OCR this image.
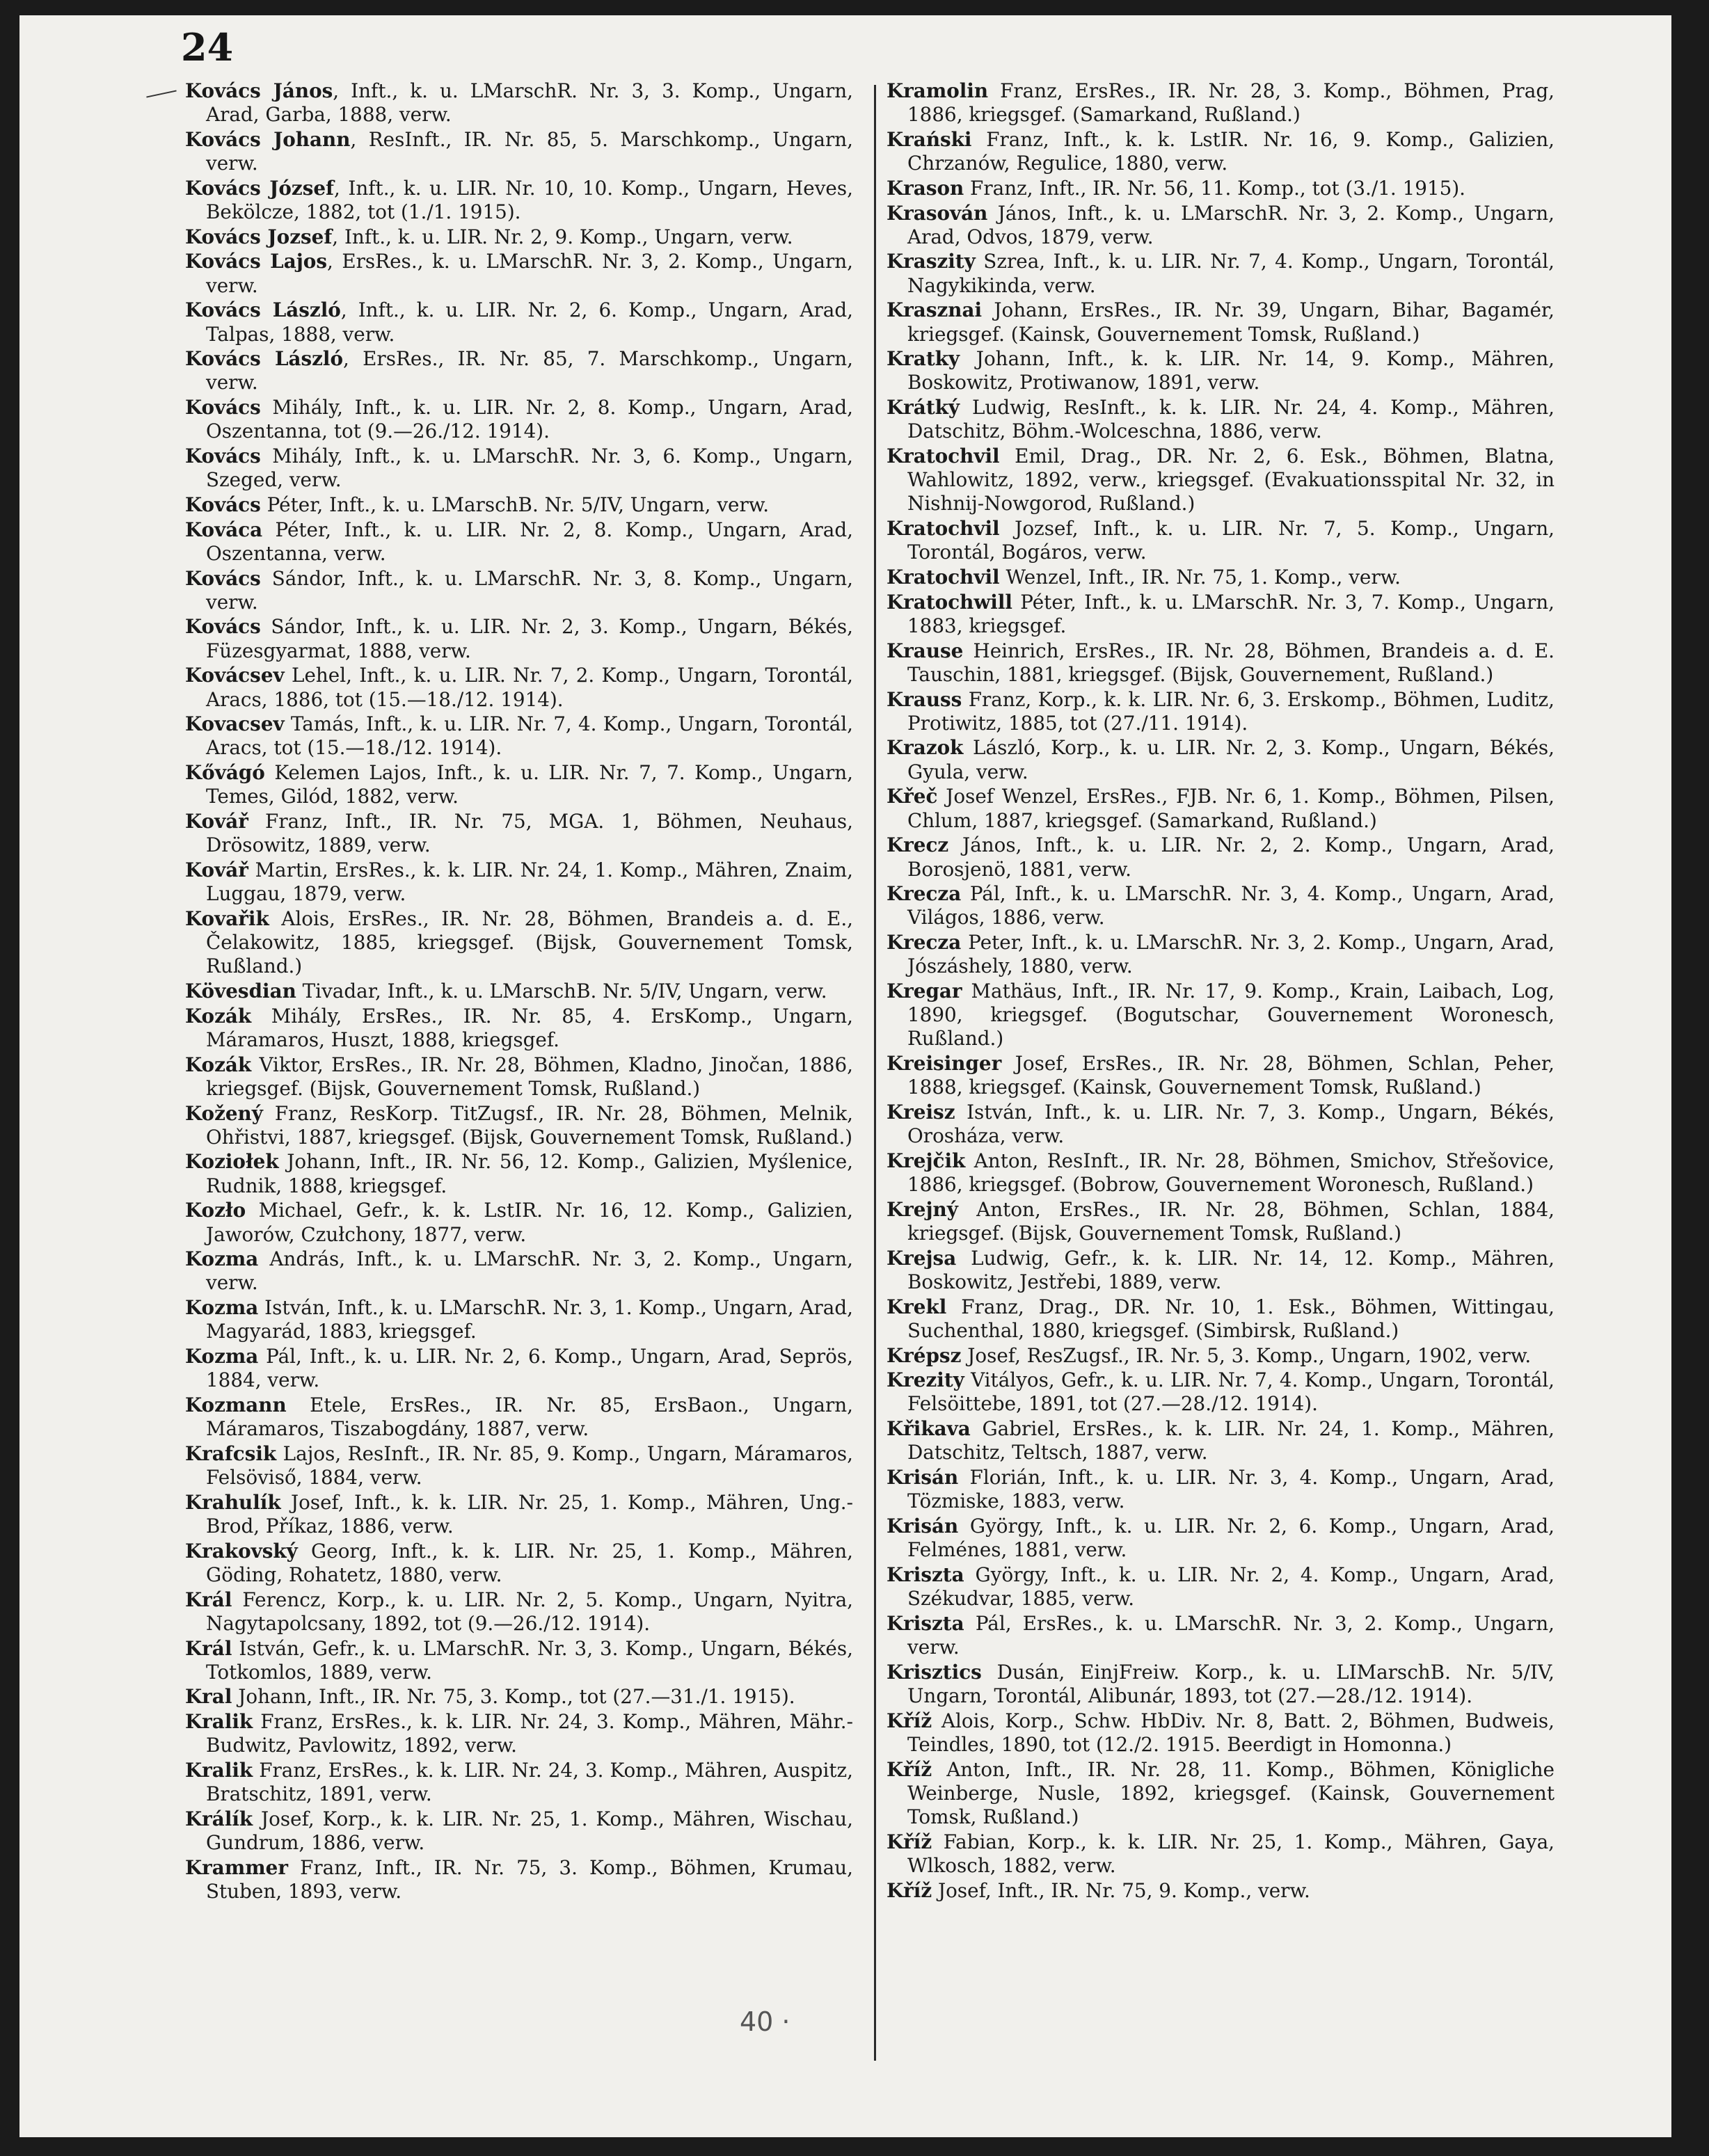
24

Kovács János, Inft., k. u. LMarschR. Nr. 3, 3. Komp., Ungarn, Arad, Garba, 1888, verw.

Kovács Johann, ResInft., IR. Nr. 85, 5. Marschkomp., Ungarn, verw.

Kovács József, Inft., k. u. LIR. Nr. 10, 10. Komp., Ungarn, Heves, Bekölcze, 1882, tot (1./1. 1915).

Kovács Jozsef, Inft., k. u. LIR. Nr. 2, 9. Komp., Ungarn, verw.

Kovács Lajos, ErsRes., k. u. LMarschR. Nr. 3, 2. Komp., Ungarn, verw.

Kovács László, Inft., k. u. LIR. Nr. 2, 6. Komp., Ungarn, Arad, Talpas, 1888, verw.

Kovács László, ErsRes., IR. Nr. 85, 7. Marschkomp., Ungarn, verw.

Kovács Mihály, Inft., k. u. LIR. Nr. 2, 8. Komp., Ungarn, Arad, Oszentanna, tot (9.—26./12. 1914).

Kovács Mihály, Inft., k. u. LMarschR. Nr. 3, 6. Komp., Ungarn, Szeged, verw.

Kovács Péter, Inft., k. u. LMarschB. Nr. 5/IV, Ungarn, verw.

Kováca Péter, Inft., k. u. LIR. Nr. 2, 8. Komp., Ungarn, Arad, Oszentanna, verw.

Kovács Sándor, Inft., k. u. LMarschR. Nr. 3, 8. Komp., Ungarn, verw.

Kovács Sándor, Inft., k. u. LIR. Nr. 2, 3. Komp., Ungarn, Békés, Füzesgyarmat, 1888, verw.

Kovácsev Lehel, Inft., k. u. LIR. Nr. 7, 2. Komp., Ungarn, Torontál, Aracs, 1886, tot (15.—18./12. 1914).

Kovacsev Tamás, Inft., k. u. LIR. Nr. 7, 4. Komp., Ungarn, Torontál, Aracs, tot (15.—18./12. 1914).

Kővágó Kelemen Lajos, Inft., k. u. LIR. Nr. 7, 7. Komp., Ungarn, Temes, Gilód, 1882, verw.

Kovář Franz, Inft., IR. Nr. 75, MGA. 1, Böhmen, Neuhaus, Drösowitz, 1889, verw.

Kovář Martin, ErsRes., k. k. LIR. Nr. 24, 1. Komp., Mähren, Znaim, Luggau, 1879, verw.

Kovařik Alois, ErsRes., IR. Nr. 28, Böhmen, Brandeis a. d. E., Čelakowitz, 1885, kriegsgef. (Bijsk, Gouvernement Tomsk, Rußland.)

Kövesdian Tivadar, Inft., k. u. LMarschB. Nr. 5/IV, Ungarn, verw.

Kozák Mihály, ErsRes., IR. Nr. 85, 4. ErsKomp., Ungarn, Máramaros, Huszt, 1888, kriegsgef.

Kozák Viktor, ErsRes., IR. Nr. 28, Böhmen, Kladno, Jinočan, 1886, kriegsgef. (Bijsk, Gouvernement Tomsk, Rußland.)

Kožený Franz, ResKorp. TitZugsf., IR. Nr. 28, Böhmen, Melnik, Ohřistvi, 1887, kriegsgef. (Bijsk, Gouvernement Tomsk, Rußland.)

Koziołek Johann, Inft., IR. Nr. 56, 12. Komp., Galizien, Myślenice, Rudnik, 1888, kriegsgef.

Kozło Michael, Gefr., k. k. LstIR. Nr. 16, 12. Komp., Galizien, Jaworów, Czułchony, 1877, verw.

Kozma András, Inft., k. u. LMarschR. Nr. 3, 2. Komp., Ungarn, verw.

Kozma István, Inft., k. u. LMarschR. Nr. 3, 1. Komp., Ungarn, Arad, Magyarád, 1883, kriegsgef.

Kozma Pál, Inft., k. u. LIR. Nr. 2, 6. Komp., Ungarn, Arad, Seprös, 1884, verw.

Kozmann Etele, ErsRes., IR. Nr. 85, ErsBaon., Ungarn, Máramaros, Tiszabogdány, 1887, verw.

Krafcsik Lajos, ResInft., IR. Nr. 85, 9. Komp., Ungarn, Máramaros, Felsöviső, 1884, verw.

Krahulík Josef, Inft., k. k. LIR. Nr. 25, 1. Komp., Mähren, Ung.-Brod, Příkaz, 1886, verw.

Krakovský Georg, Inft., k. k. LIR. Nr. 25, 1. Komp., Mähren, Göding, Rohatetz, 1880, verw.

Král Ferencz, Korp., k. u. LIR. Nr. 2, 5. Komp., Ungarn, Nyitra, Nagytapolcsany, 1892, tot (9.—26./12. 1914).

Král István, Gefr., k. u. LMarschR. Nr. 3, 3. Komp., Ungarn, Békés, Totkomlos, 1889, verw.

Kral Johann, Inft., IR. Nr. 75, 3. Komp., tot (27.—31./1. 1915).

Kralik Franz, ErsRes., k. k. LIR. Nr. 24, 3. Komp., Mähren, Mähr.-Budwitz, Pavlowitz, 1892, verw.

Kralik Franz, ErsRes., k. k. LIR. Nr. 24, 3. Komp., Mähren, Auspitz, Bratschitz, 1891, verw.

Králík Josef, Korp., k. k. LIR. Nr. 25, 1. Komp., Mähren, Wischau, Gundrum, 1886, verw.

Krammer Franz, Inft., IR. Nr. 75, 3. Komp., Böhmen, Krumau, Stuben, 1893, verw.

Kramolin Franz, ErsRes., IR. Nr. 28, 3. Komp., Böhmen, Prag, 1886, kriegsgef. (Samarkand, Rußland.)

Krański Franz, Inft., k. k. LstIR. Nr. 16, 9. Komp., Galizien, Chrzanów, Regulice, 1880, verw.

Krason Franz, Inft., IR. Nr. 56, 11. Komp., tot (3./1. 1915).

Krasován János, Inft., k. u. LMarschR. Nr. 3, 2. Komp., Ungarn, Arad, Odvos, 1879, verw.

Kraszity Szrea, Inft., k. u. LIR. Nr. 7, 4. Komp., Ungarn, Torontál, Nagykikinda, verw.

Krasznai Johann, ErsRes., IR. Nr. 39, Ungarn, Bihar, Bagamér, kriegsgef. (Kainsk, Gouvernement Tomsk, Rußland.)

Kratky Johann, Inft., k. k. LIR. Nr. 14, 9. Komp., Mähren, Boskowitz, Protiwanow, 1891, verw.

Krátký Ludwig, ResInft., k. k. LIR. Nr. 24, 4. Komp., Mähren, Datschitz, Böhm.-Wolceschna, 1886, verw.

Kratochvil Emil, Drag., DR. Nr. 2, 6. Esk., Böhmen, Blatna, Wahlowitz, 1892, verw., kriegsgef. (Evakuationsspital Nr. 32, in Nishnij-Nowgorod, Rußland.)

Kratochvil Jozsef, Inft., k. u. LIR. Nr. 7, 5. Komp., Ungarn, Torontál, Bogáros, verw.

Kratochvil Wenzel, Inft., IR. Nr. 75, 1. Komp., verw.

Kratochwill Péter, Inft., k. u. LMarschR. Nr. 3, 7. Komp., Ungarn, 1883, kriegsgef.

Krause Heinrich, ErsRes., IR. Nr. 28, Böhmen, Brandeis a. d. E. Tauschin, 1881, kriegsgef. (Bijsk, Gouvernement, Rußland.)

Krauss Franz, Korp., k. k. LIR. Nr. 6, 3. Erskomp., Böhmen, Luditz, Protiwitz, 1885, tot (27./11. 1914).

Krazok László, Korp., k. u. LIR. Nr. 2, 3. Komp., Ungarn, Békés, Gyula, verw.

Křeč Josef Wenzel, ErsRes., FJB. Nr. 6, 1. Komp., Böhmen, Pilsen, Chlum, 1887, kriegsgef. (Samarkand, Rußland.)

Krecz János, Inft., k. u. LIR. Nr. 2, 2. Komp., Ungarn, Arad, Borosjenö, 1881, verw.

Krecza Pál, Inft., k. u. LMarschR. Nr. 3, 4. Komp., Ungarn, Arad, Világos, 1886, verw.

Krecza Peter, Inft., k. u. LMarschR. Nr. 3, 2. Komp., Ungarn, Arad, Jószáshely, 1880, verw.

Kregar Mathäus, Inft., IR. Nr. 17, 9. Komp., Krain, Laibach, Log, 1890, kriegsgef. (Bogutschar, Gouvernement Woronesch, Rußland.)

Kreisinger Josef, ErsRes., IR. Nr. 28, Böhmen, Schlan, Peher, 1888, kriegsgef. (Kainsk, Gouvernement Tomsk, Rußland.)

Kreisz István, Inft., k. u. LIR. Nr. 7, 3. Komp., Ungarn, Békés, Orosháza, verw.

Krejčik Anton, ResInft., IR. Nr. 28, Böhmen, Smichov, Střešovice, 1886, kriegsgef. (Bobrow, Gouvernement Woronesch, Rußland.)

Krejný Anton, ErsRes., IR. Nr. 28, Böhmen, Schlan, 1884, kriegsgef. (Bijsk, Gouvernement Tomsk, Rußland.)

Krejsa Ludwig, Gefr., k. k. LIR. Nr. 14, 12. Komp., Mähren, Boskowitz, Jestřebi, 1889, verw.

Krekl Franz, Drag., DR. Nr. 10, 1. Esk., Böhmen, Wittingau, Suchenthal, 1880, kriegsgef. (Simbirsk, Rußland.)

Krépsz Josef, ResZugsf., IR. Nr. 5, 3. Komp., Ungarn, 1902, verw.

Krezity Vitályos, Gefr., k. u. LIR. Nr. 7, 4. Komp., Ungarn, Torontál, Felsöittebe, 1891, tot (27.—28./12. 1914).

Křikava Gabriel, ErsRes., k. k. LIR. Nr. 24, 1. Komp., Mähren, Datschitz, Teltsch, 1887, verw.

Krisán Florián, Inft., k. u. LIR. Nr. 3, 4. Komp., Ungarn, Arad, Tözmiske, 1883, verw.

Krisán György, Inft., k. u. LIR. Nr. 2, 6. Komp., Ungarn, Arad, Felménes, 1881, verw.

Kriszta György, Inft., k. u. LIR. Nr. 2, 4. Komp., Ungarn, Arad, Székudvar, 1885, verw.

Kriszta Pál, ErsRes., k. u. LMarschR. Nr. 3, 2. Komp., Ungarn, verw.

Krisztics Dusán, EinjFreiw. Korp., k. u. LIMarschB. Nr. 5/IV, Ungarn, Torontál, Alibunár, 1893, tot (27.—28./12. 1914).

Kříž Alois, Korp., Schw. HbDiv. Nr. 8, Batt. 2, Böhmen, Budweis, Teindles, 1890, tot (12./2. 1915. Beerdigt in Homonna.)

Kříž Anton, Inft., IR. Nr. 28, 11. Komp., Böhmen, Königliche Weinberge, Nusle, 1892, kriegsgef. (Kainsk, Gouvernement Tomsk, Rußland.)

Kříž Fabian, Korp., k. k. LIR. Nr. 25, 1. Komp., Mähren, Gaya, Wlkosch, 1882, verw.

Kříž Josef, Inft., IR. Nr. 75, 9. Komp., verw.

40 ·
